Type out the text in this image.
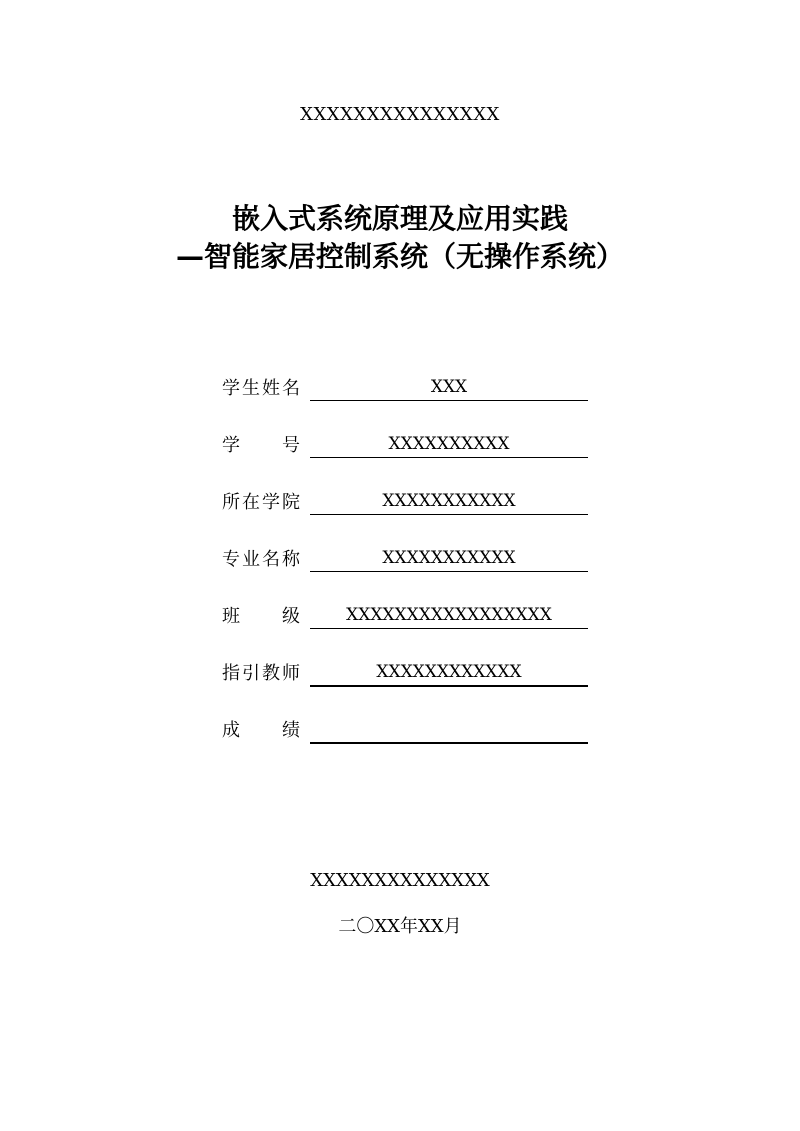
XXXXXXXXXXXXXXX
嵌入式系统原理及应用实践
—智能家居控制系统（无操作系统）
学 生 姓 名	XXX
学 号	XXXXXXXXXX
所 在 学 院	XXXXXXXXXXX
专 业 名 称	XXXXXXXXXXX
班 级	XXXXXXXXXXXXXXXXX
指 引 教 师	XXXXXXXXXXXX
成 绩
XXXXXXXXXXXXXX
二〇XX年XX月
